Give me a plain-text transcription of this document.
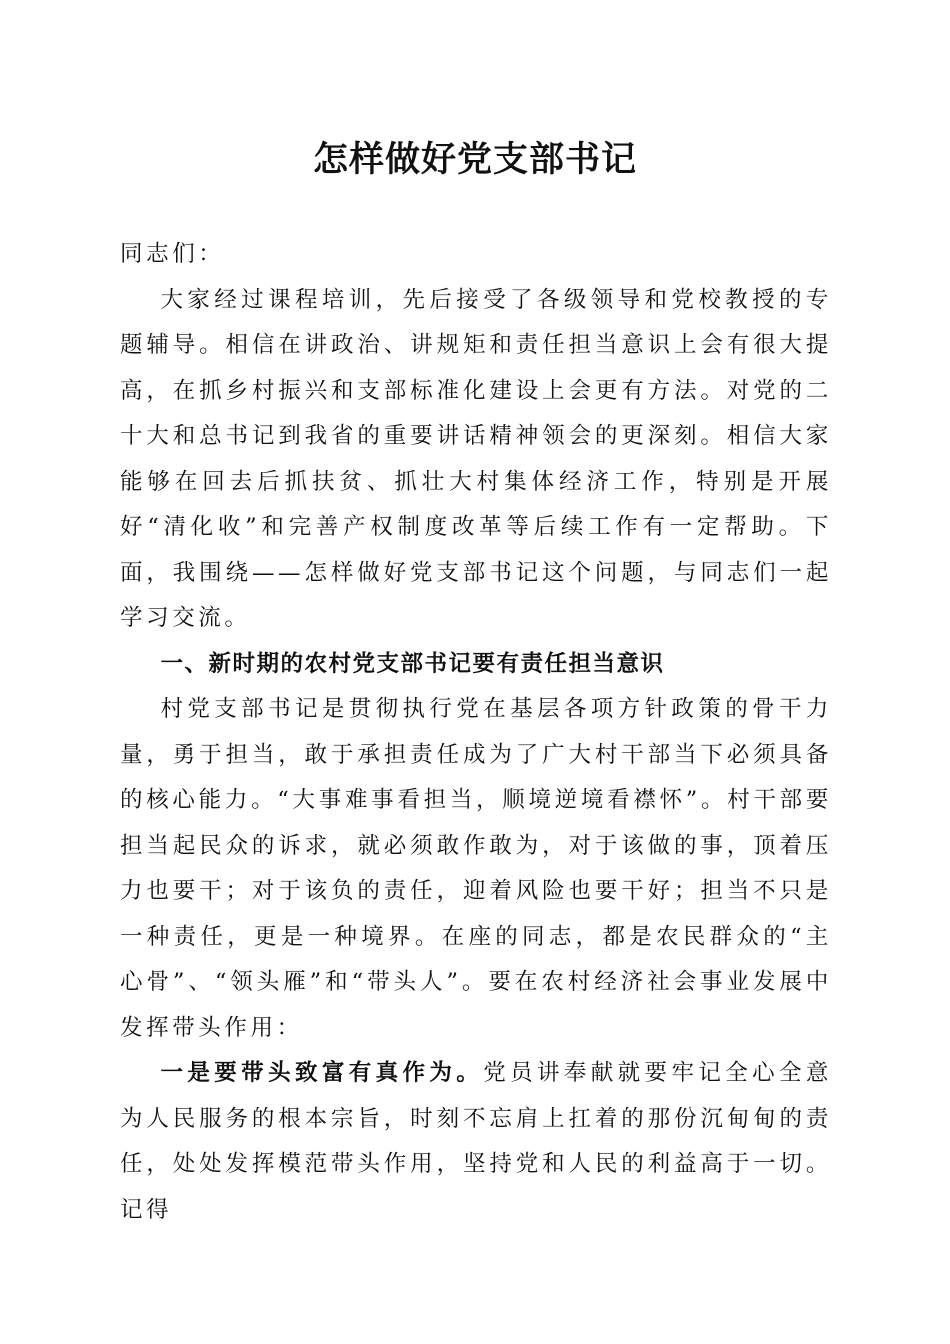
怎样做好党支部书记

同志们：

大家经过课程培训，先后接受了各级领导和党校教授的专题辅导。相信在讲政治、讲规矩和责任担当意识上会有很大提高，在抓乡村振兴和支部标准化建设上会更有方法。对党的二十大和总书记到我省的重要讲话精神领会的更深刻。相信大家能够在回去后抓扶贫、抓壮大村集体经济工作，特别是开展好“清化收”和完善产权制度改革等后续工作有一定帮助。下面，我围绕——怎样做好党支部书记这个问题，与同志们一起学习交流。

一、新时期的农村党支部书记要有责任担当意识

村党支部书记是贯彻执行党在基层各项方针政策的骨干力量，勇于担当，敢于承担责任成为了广大村干部当下必须具备的核心能力。“大事难事看担当，顺境逆境看襟怀”。村干部要担当起民众的诉求，就必须敢作敢为，对于该做的事，顶着压力也要干；对于该负的责任，迎着风险也要干好；担当不只是一种责任，更是一种境界。在座的同志，都是农民群众的“主心骨”、“领头雁”和“带头人”。要在农村经济社会事业发展中发挥带头作用：

一是要带头致富有真作为。党员讲奉献就要牢记全心全意为人民服务的根本宗旨，时刻不忘肩上扛着的那份沉甸甸的责任，处处发挥模范带头作用，坚持党和人民的利益高于一切。记得
